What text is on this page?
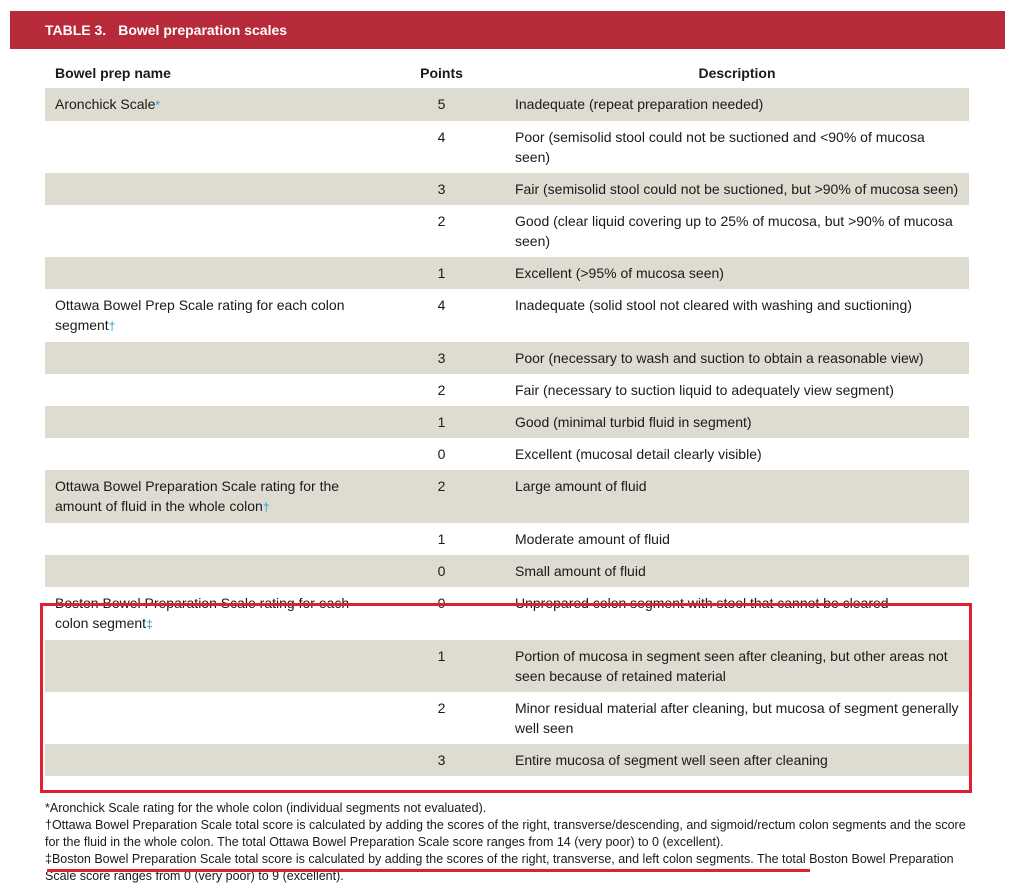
TABLE 3. Bowel preparation scales
Bowel prep name	Points	Description
Aronchick Scale*	5	Inadequate (repeat preparation needed)
	4	Poor (semisolid stool could not be suctioned and <90% of mucosa seen)
	3	Fair (semisolid stool could not be suctioned, but >90% of mucosa seen)
	2	Good (clear liquid covering up to 25% of mucosa, but >90% of mucosa seen)
	1	Excellent (>95% of mucosa seen)
Ottawa Bowel Prep Scale rating for each colon segment†	4	Inadequate (solid stool not cleared with washing and suctioning)
	3	Poor (necessary to wash and suction to obtain a reasonable view)
	2	Fair (necessary to suction liquid to adequately view segment)
	1	Good (minimal turbid fluid in segment)
	0	Excellent (mucosal detail clearly visible)
Ottawa Bowel Preparation Scale rating for the amount of fluid in the whole colon†	2	Large amount of fluid
	1	Moderate amount of fluid
	0	Small amount of fluid
Boston Bowel Preparation Scale rating for each colon segment‡	0	Unprepared colon segment with stool that cannot be cleared
	1	Portion of mucosa in segment seen after cleaning, but other areas not seen because of retained material
	2	Minor residual material after cleaning, but mucosa of segment generally well seen
	3	Entire mucosa of segment well seen after cleaning

*Aronchick Scale rating for the whole colon (individual segments not evaluated).

†Ottawa Bowel Preparation Scale total score is calculated by adding the scores of the right, transverse/descending, and sigmoid/rectum colon segments and the score for the fluid in the whole colon. The total Ottawa Bowel Preparation Scale score ranges from 14 (very poor) to 0 (excellent).

‡Boston Bowel Preparation Scale total score is calculated by adding the scores of the right, transverse, and left colon segments. The total Boston Bowel Preparation Scale score ranges from 0 (very poor) to 9 (excellent).
